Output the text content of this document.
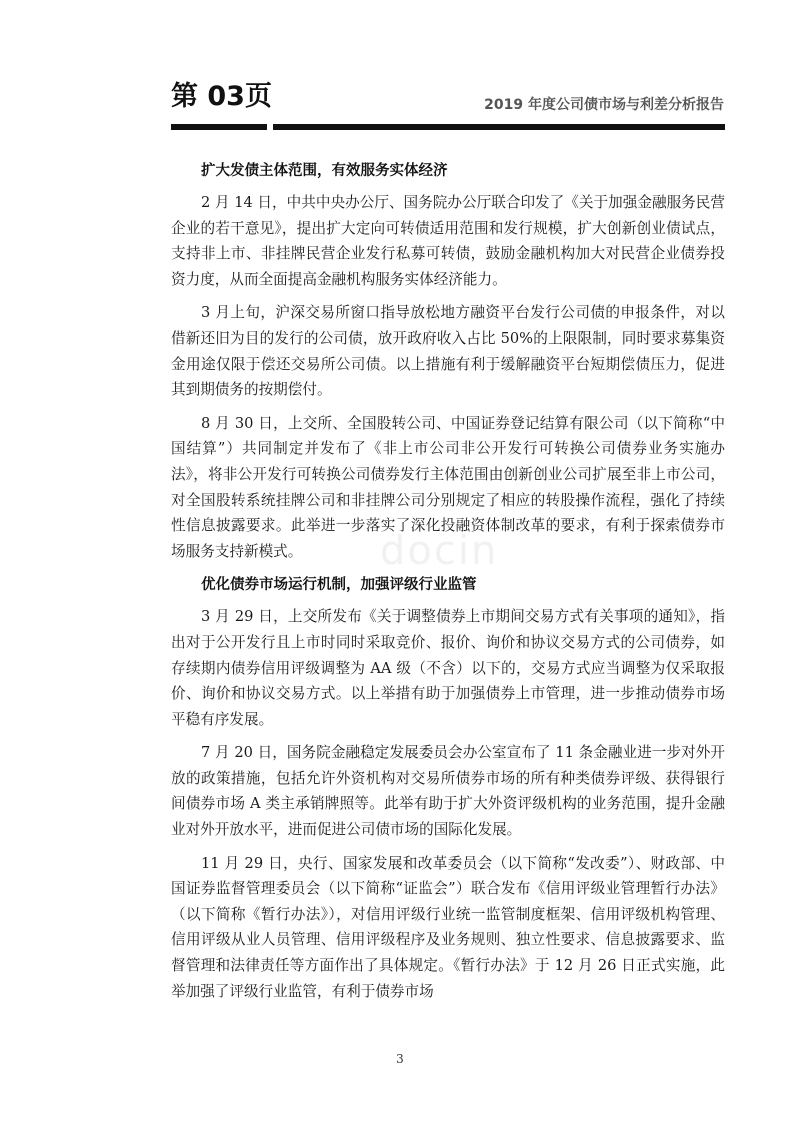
第 03页	2019 年度公司债市场与利差分析报告
docin
扩大发债主体范围，有效服务实体经济

2 月 14 日，中共中央办公厅、国务院办公厅联合印发了《关于加强金融服务民营企业的若干意见》，提出扩大定向可转债适用范围和发行规模，扩大创新创业债试点，支持非上市、非挂牌民营企业发行私募可转债，鼓励金融机构加大对民营企业债券投资力度，从而全面提高金融机构服务实体经济能力。

3 月上旬，沪深交易所窗口指导放松地方融资平台发行公司债的申报条件，对以借新还旧为目的发行的公司债，放开政府收入占比 50%的上限限制，同时要求募集资金用途仅限于偿还交易所公司债。以上措施有利于缓解融资平台短期偿债压力，促进其到期债务的按期偿付。

8 月 30 日，上交所、全国股转公司、中国证券登记结算有限公司（以下简称“中国结算”）共同制定并发布了《非上市公司非公开发行可转换公司债券业务实施办法》，将非公开发行可转换公司债券发行主体范围由创新创业公司扩展至非上市公司，对全国股转系统挂牌公司和非挂牌公司分别规定了相应的转股操作流程，强化了持续性信息披露要求。此举进一步落实了深化投融资体制改革的要求，有利于探索债券市场服务支持新模式。

优化债券市场运行机制，加强评级行业监管

3 月 29 日，上交所发布《关于调整债券上市期间交易方式有关事项的通知》，指出对于公开发行且上市时同时采取竞价、报价、询价和协议交易方式的公司债券，如存续期内债券信用评级调整为 AA 级（不含）以下的，交易方式应当调整为仅采取报价、询价和协议交易方式。以上举措有助于加强债券上市管理，进一步推动债券市场平稳有序发展。

7 月 20 日，国务院金融稳定发展委员会办公室宣布了 11 条金融业进一步对外开放的政策措施，包括允许外资机构对交易所债券市场的所有种类债券评级、获得银行间债券市场 A 类主承销牌照等。此举有助于扩大外资评级机构的业务范围，提升金融业对外开放水平，进而促进公司债市场的国际化发展。

11 月 29 日，央行、国家发展和改革委员会（以下简称“发改委”）、财政部、中国证券监督管理委员会（以下简称“证监会”）联合发布《信用评级业管理暂行办法》（以下简称《暂行办法》），对信用评级行业统一监管制度框架、信用评级机构管理、信用评级从业人员管理、信用评级程序及业务规则、独立性要求、信息披露要求、监督管理和法律责任等方面作出了具体规定。《暂行办法》于 12 月 26 日正式实施，此举加强了评级行业监管，有利于债券市场

3
